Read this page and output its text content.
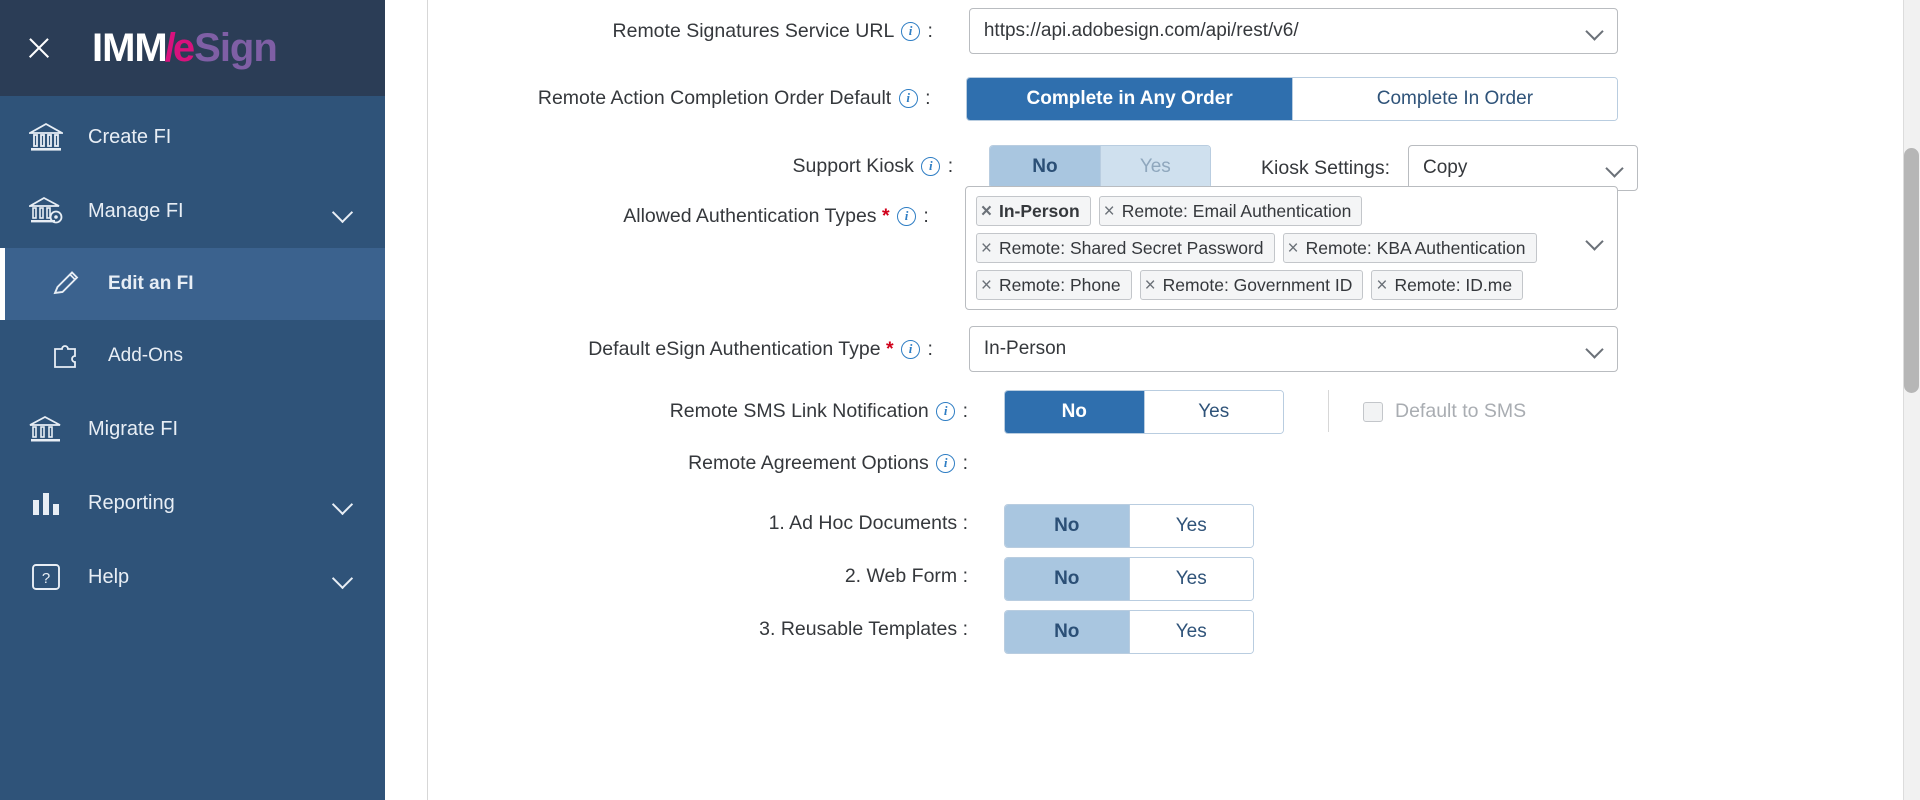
IMM
/
e Sign
Create FI
Manage FI
Edit an FI
Add-Ons
Migrate FI
Reporting
? Help
Remote Signatures Service URL i :	https://api.adobesign.com/api/rest/v6/
Remote Action Completion Order Default i :	Complete in Any Order	Complete In Order
Support Kiosk i :	No	Yes	Kiosk Settings: Copy
Allowed Authentication Types * i :	× In-Person × Remote: Email Authentication
× Remote: Shared Secret Password × Remote: KBA Authentication
× Remote: Phone × Remote: Government ID × Remote: ID.me
Default eSign Authentication Type * i :	In-Person
Remote SMS Link Notification i :	No	Yes	Default to SMS
Remote Agreement Options i :
1. Ad Hoc Documents :	No	Yes
2. Web Form :	No	Yes
3. Reusable Templates :	No	Yes
